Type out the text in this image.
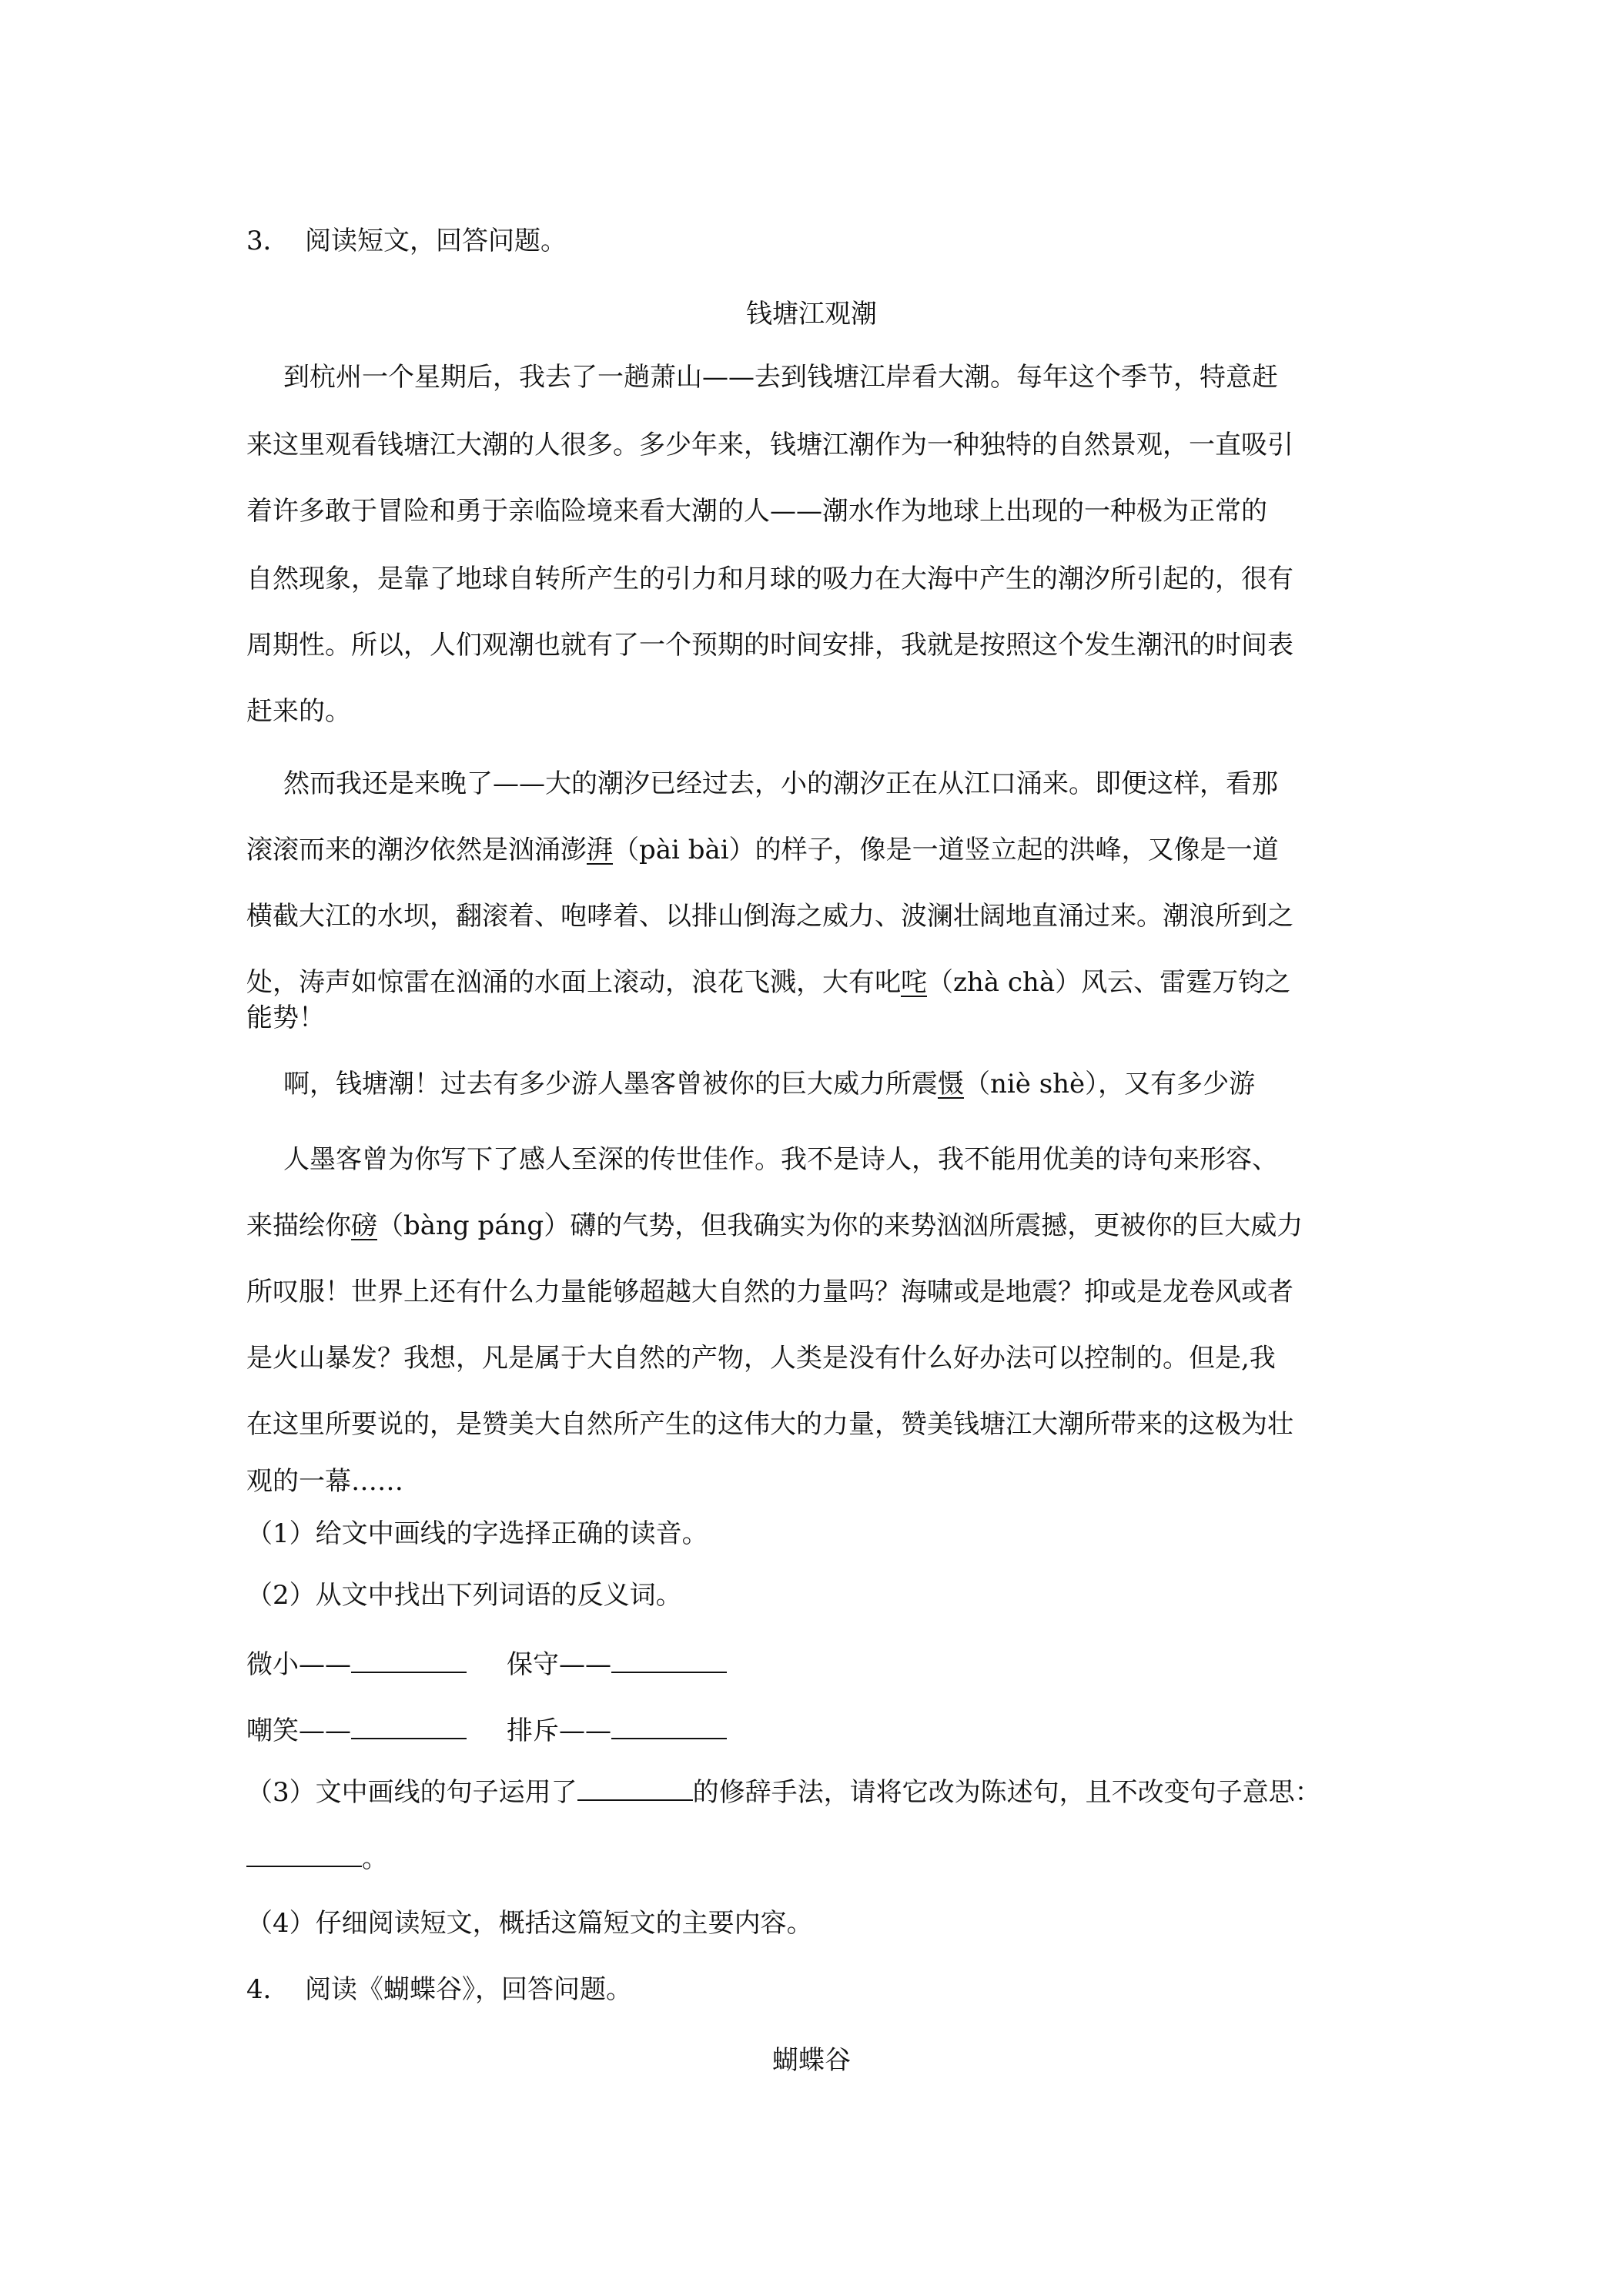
3． 阅读短文，回答问题。

钱塘江观潮

到杭州一个星期后，我去了一趟萧山——去到钱塘江岸看大潮。每年这个季节，特意赶

来这里观看钱塘江大潮的人很多。多少年来，钱塘江潮作为一种独特的自然景观，一直吸引

着许多敢于冒险和勇于亲临险境来看大潮的人——潮水作为地球上出现的一种极为正常的

自然现象，是靠了地球自转所产生的引力和月球的吸力在大海中产生的潮汐所引起的，很有

周期性。所以，人们观潮也就有了一个预期的时间安排，我就是按照这个发生潮汛的时间表

赶来的。

然而我还是来晚了——大的潮汐已经过去，小的潮汐正在从江口涌来。即便这样，看那

滚滚而来的潮汐依然是汹涌澎湃（pài bài）的样子，像是一道竖立起的洪峰，又像是一道

横截大江的水坝，翻滚着、咆哮着、以排山倒海之威力、波澜壮阔地直涌过来。潮浪所到之

处，涛声如惊雷在汹涌的水面上滚动，浪花飞溅，大有叱咤（zhà chà）风云、雷霆万钧之

能势！

啊，钱塘潮！过去有多少游人墨客曾被你的巨大威力所震慑（niè shè），又有多少游

人墨客曾为你写下了感人至深的传世佳作。我不是诗人，我不能用优美的诗句来形容、

来描绘你磅（bàng páng）礴的气势，但我确实为你的来势汹汹所震撼，更被你的巨大威力

所叹服！世界上还有什么力量能够超越大自然的力量吗？海啸或是地震？抑或是龙卷风或者

是火山暴发？我想，凡是属于大自然的产物，人类是没有什么好办法可以控制的。但是,我

在这里所要说的，是赞美大自然所产生的这伟大的力量，赞美钱塘江大潮所带来的这极为壮

观的一幕……

（1）给文中画线的字选择正确的读音。

（2）从文中找出下列词语的反义词。

微小——	保守——

嘲笑——	排斥——

（3）文中画线的句子运用了	的修辞手法，请将它改为陈述句，且不改变句子意思：

。

（4）仔细阅读短文，概括这篇短文的主要内容。

4． 阅读《蝴蝶谷》，回答问题。

蝴蝶谷
